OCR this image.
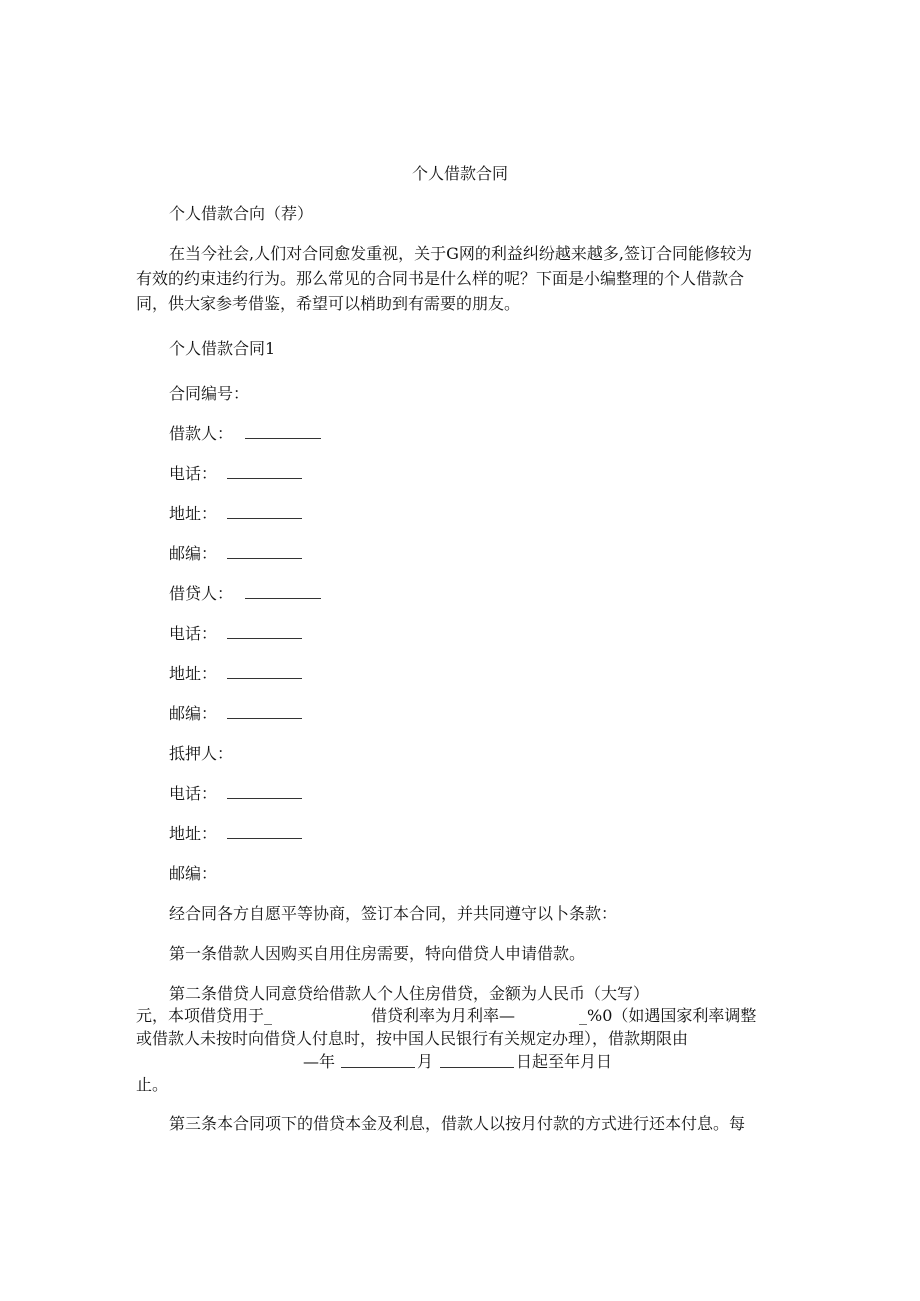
个人借款合同
个人借款合向（荐）
在当今社会,人们对合同愈发重视，关于G网的利益纠纷越来越多,签订合同能修较为
有效的约束违约行为。那么常见的合同书是什么样的呢？下面是小编整理的个人借款合
同，供大家参考借鉴，希望可以梢助到有需要的朋友。
个人借款合同1
合同编号：
借款人：
电话：
地址：
邮编：
借贷人：
电话：
地址：
邮编：
抵押人：
电话：
地址：
邮编：
经合同各方自愿平等协商，签订本合同，并共同遵守以卜条款：
第一条借款人因购买自用住房需要，特向借贷人申请借款。
第二条借贷人同意贷给借款人个人住房借贷，金额为人民币（大写）
元，本项借贷用于_	借贷利率为月利率—	_%0（如遇国家利率调整
或借款人未按时向借贷人付息时，按中国人民银行有关规定办理），借款期限由
—年	月	日起至年月日
止。
第三条本合同项下的借贷本金及利息，借款人以按月付款的方式进行还本付息。每
